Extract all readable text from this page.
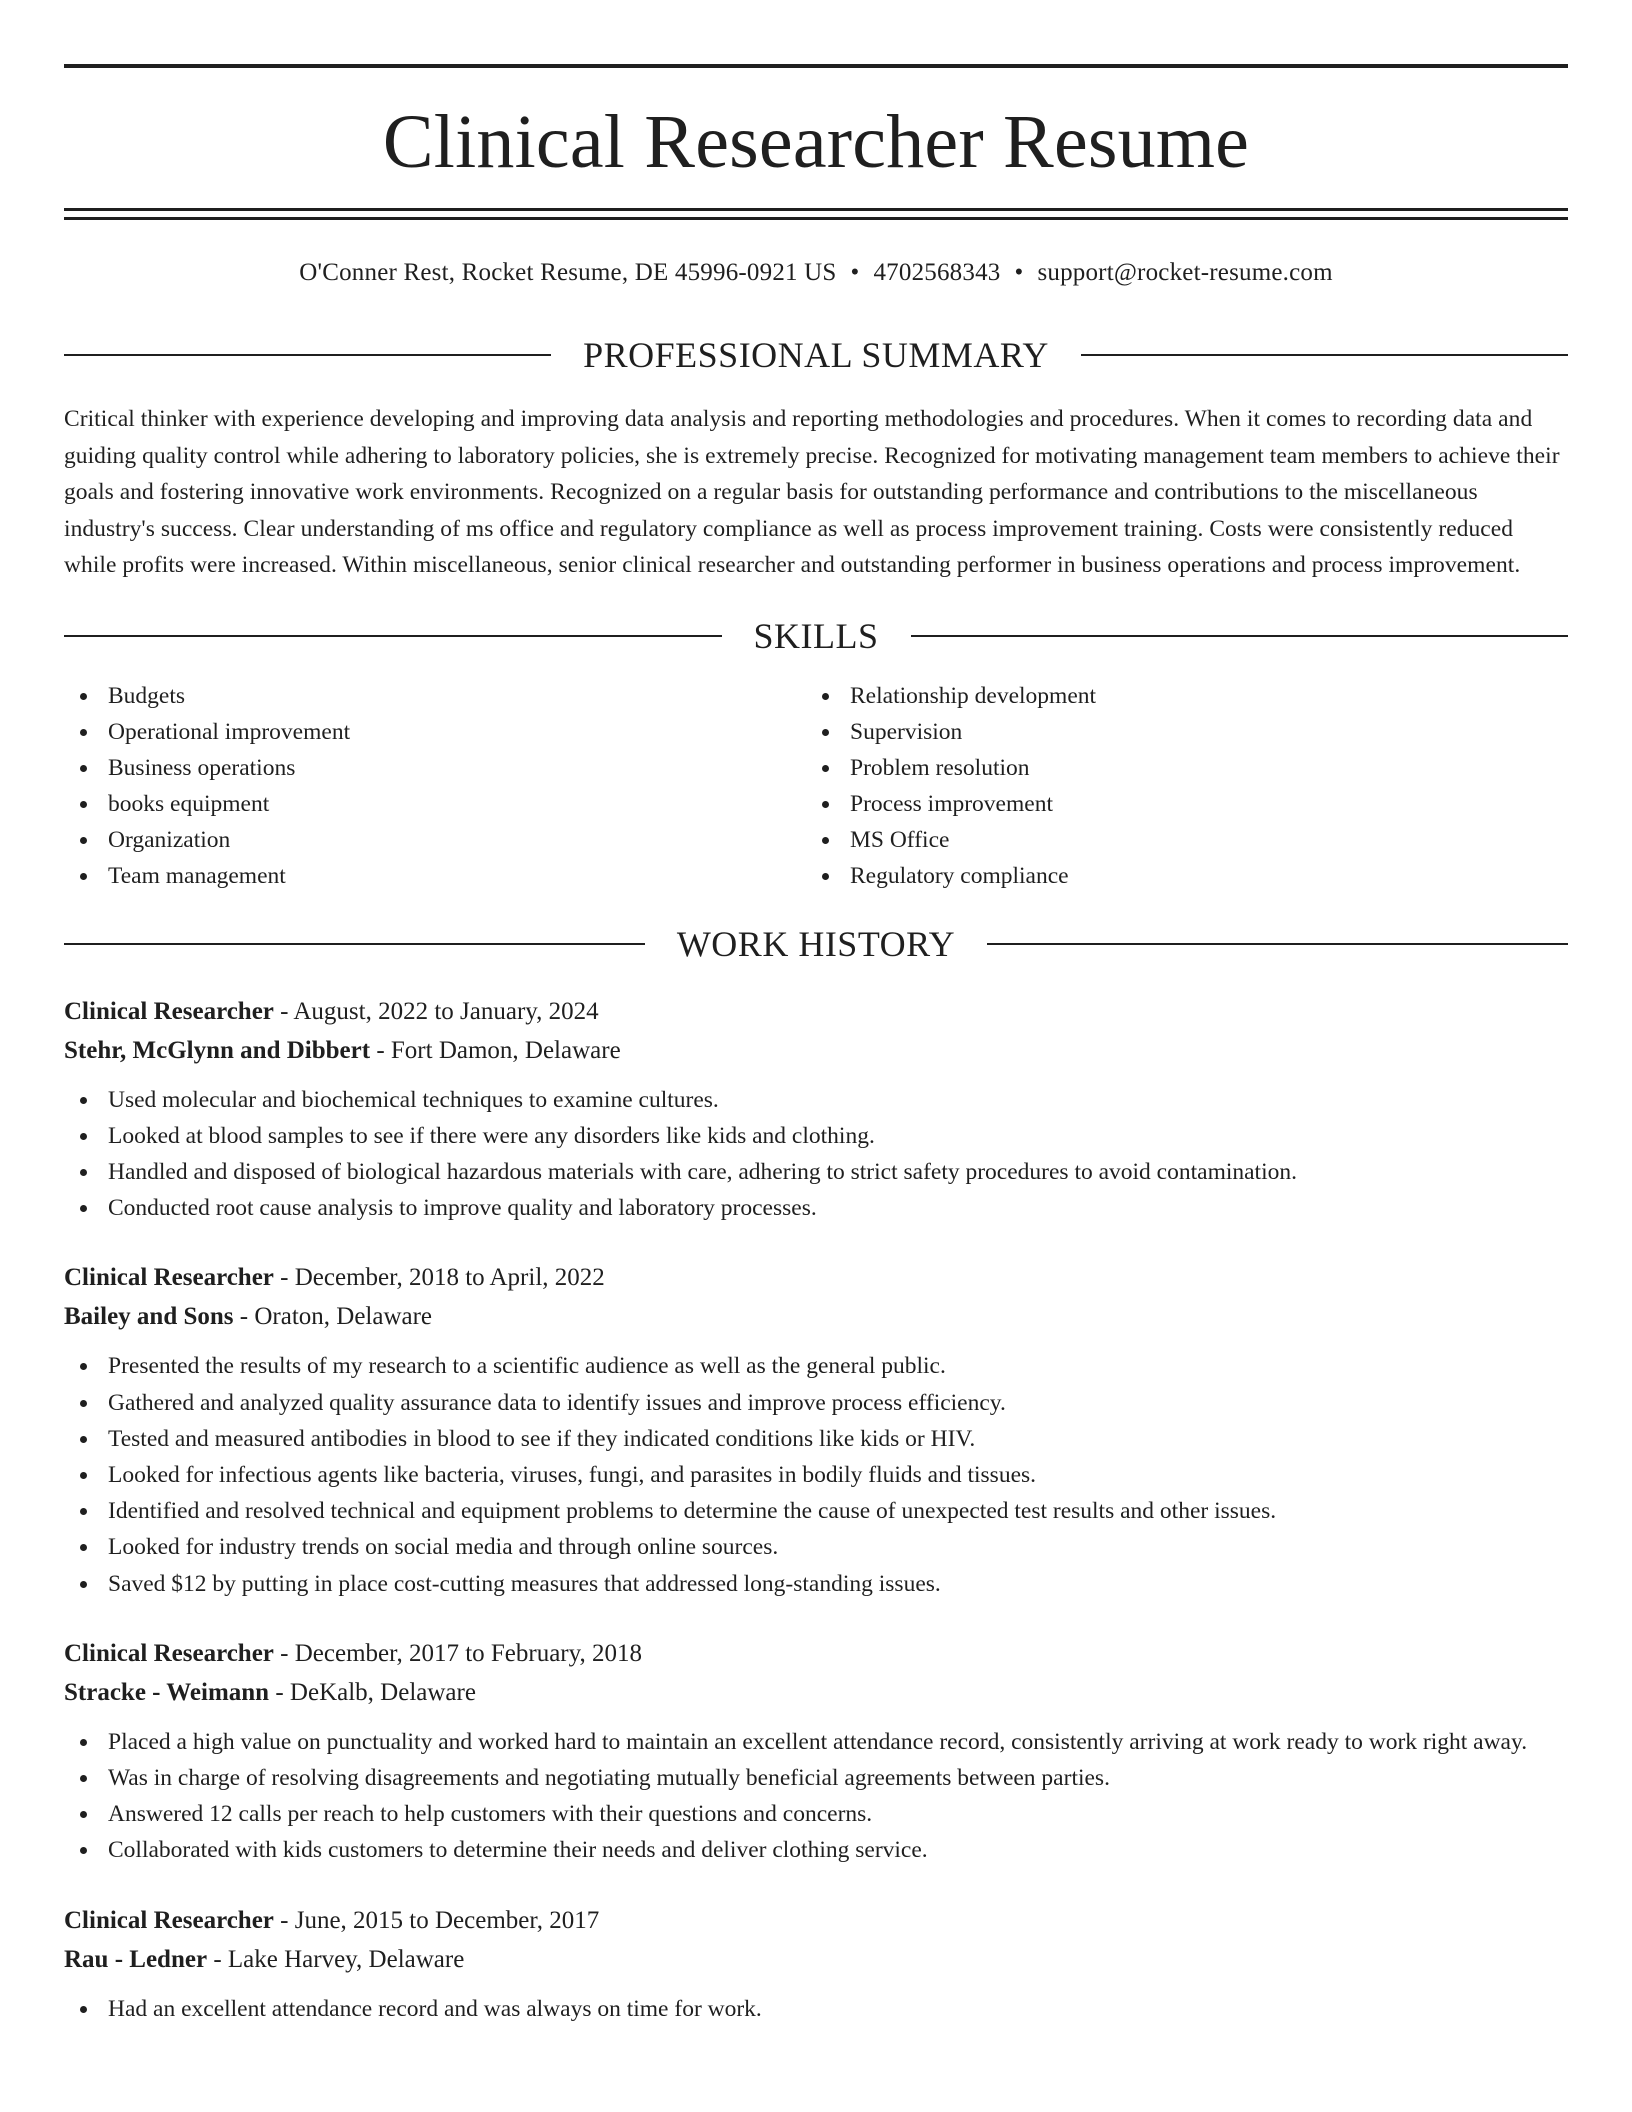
Clinical Researcher Resume
O'Conner Rest, Rocket Resume, DE 45996-0921 US • 4702568343 • support@rocket-resume.com
PROFESSIONAL SUMMARY
Critical thinker with experience developing and improving data analysis and reporting methodologies and procedures. When it comes to recording data and guiding quality control while adhering to laboratory policies, she is extremely precise. Recognized for motivating management team members to achieve their goals and fostering innovative work environments. Recognized on a regular basis for outstanding performance and contributions to the miscellaneous industry's success. Clear understanding of ms office and regulatory compliance as well as process improvement training. Costs were consistently reduced while profits were increased. Within miscellaneous, senior clinical researcher and outstanding performer in business operations and process improvement.
SKILLS
Budgets
Operational improvement
Business operations
books equipment
Organization
Team management
Relationship development
Supervision
Problem resolution
Process improvement
MS Office
Regulatory compliance
WORK HISTORY
Clinical Researcher - August, 2022 to January, 2024
Stehr, McGlynn and Dibbert - Fort Damon, Delaware
Used molecular and biochemical techniques to examine cultures.
Looked at blood samples to see if there were any disorders like kids and clothing.
Handled and disposed of biological hazardous materials with care, adhering to strict safety procedures to avoid contamination.
Conducted root cause analysis to improve quality and laboratory processes.
Clinical Researcher - December, 2018 to April, 2022
Bailey and Sons - Oraton, Delaware
Presented the results of my research to a scientific audience as well as the general public.
Gathered and analyzed quality assurance data to identify issues and improve process efficiency.
Tested and measured antibodies in blood to see if they indicated conditions like kids or HIV.
Looked for infectious agents like bacteria, viruses, fungi, and parasites in bodily fluids and tissues.
Identified and resolved technical and equipment problems to determine the cause of unexpected test results and other issues.
Looked for industry trends on social media and through online sources.
Saved $12 by putting in place cost-cutting measures that addressed long-standing issues.
Clinical Researcher - December, 2017 to February, 2018
Stracke - Weimann - DeKalb, Delaware
Placed a high value on punctuality and worked hard to maintain an excellent attendance record, consistently arriving at work ready to work right away.
Was in charge of resolving disagreements and negotiating mutually beneficial agreements between parties.
Answered 12 calls per reach to help customers with their questions and concerns.
Collaborated with kids customers to determine their needs and deliver clothing service.
Clinical Researcher - June, 2015 to December, 2017
Rau - Ledner - Lake Harvey, Delaware
Had an excellent attendance record and was always on time for work.
